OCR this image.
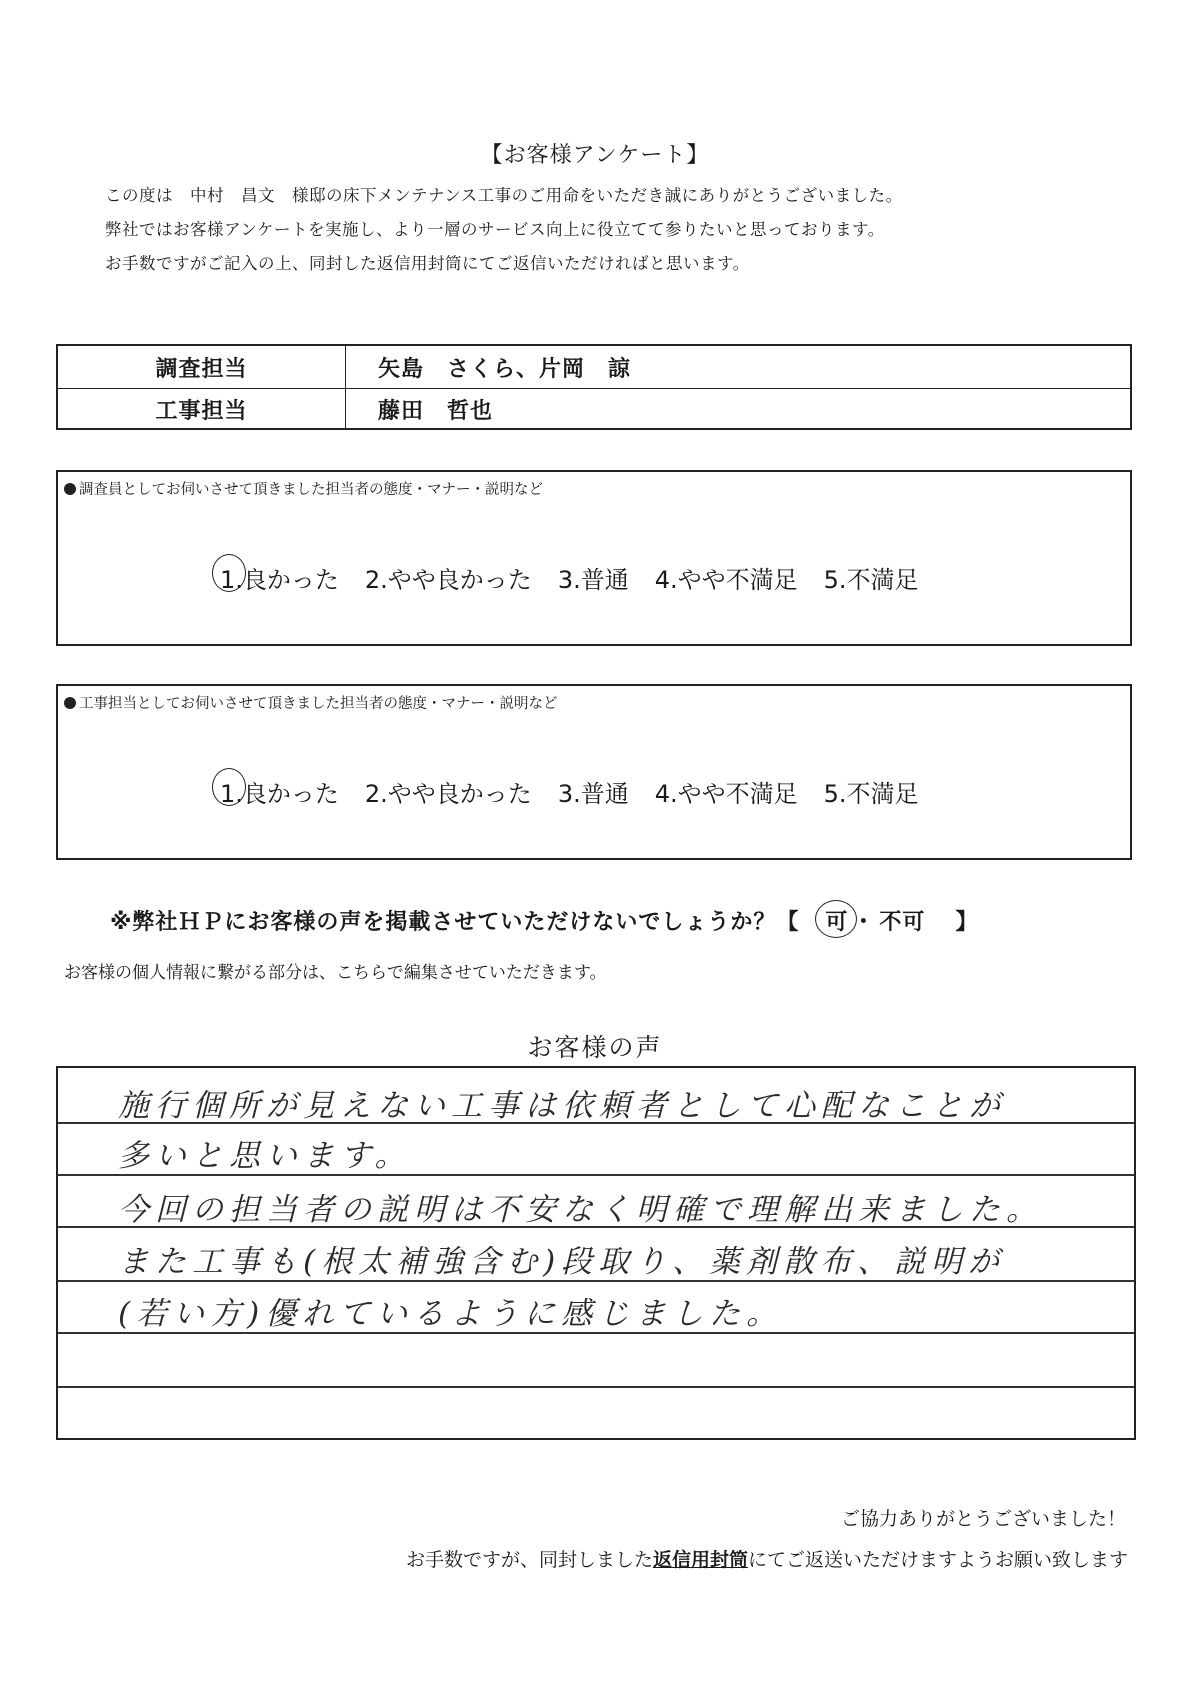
【お客様アンケート】
この度は　中村　昌文　様邸の床下メンテナンス工事のご用命をいただき誠にありがとうございました。
弊社ではお客様アンケートを実施し、より一層のサービス向上に役立てて参りたいと思っております。
お手数ですがご記入の上、同封した返信用封筒にてご返信いただければと思います。
調査担当	矢島　さくら、片岡　諒
工事担当	藤田　哲也
調査員としてお伺いさせて頂きました担当者の態度・マナー・説明など
1.良かった 2.やや良かった 3.普通 4.やや不満足 5.不満足
工事担当としてお伺いさせて頂きました担当者の態度・マナー・説明など
1.良かった 2.やや良かった 3.普通 4.やや不満足 5.不満足
※弊社ＨＰにお客様の声を掲載させていただけないでしょうか？【 可 ・ 不可 】
お客様の個人情報に繋がる部分は、こちらで編集させていただきます。
お客様の声
施行個所が見えない工事は依頼者として心配なことが
多いと思います。
今回の担当者の説明は不安なく明確で理解出来ました。
また工事も(根太補強含む)段取り、薬剤散布、説明が
(若い方)優れているように感じました。
ご協力ありがとうございました！
お手数ですが、同封しました返信用封筒にてご返送いただけますようお願い致します
